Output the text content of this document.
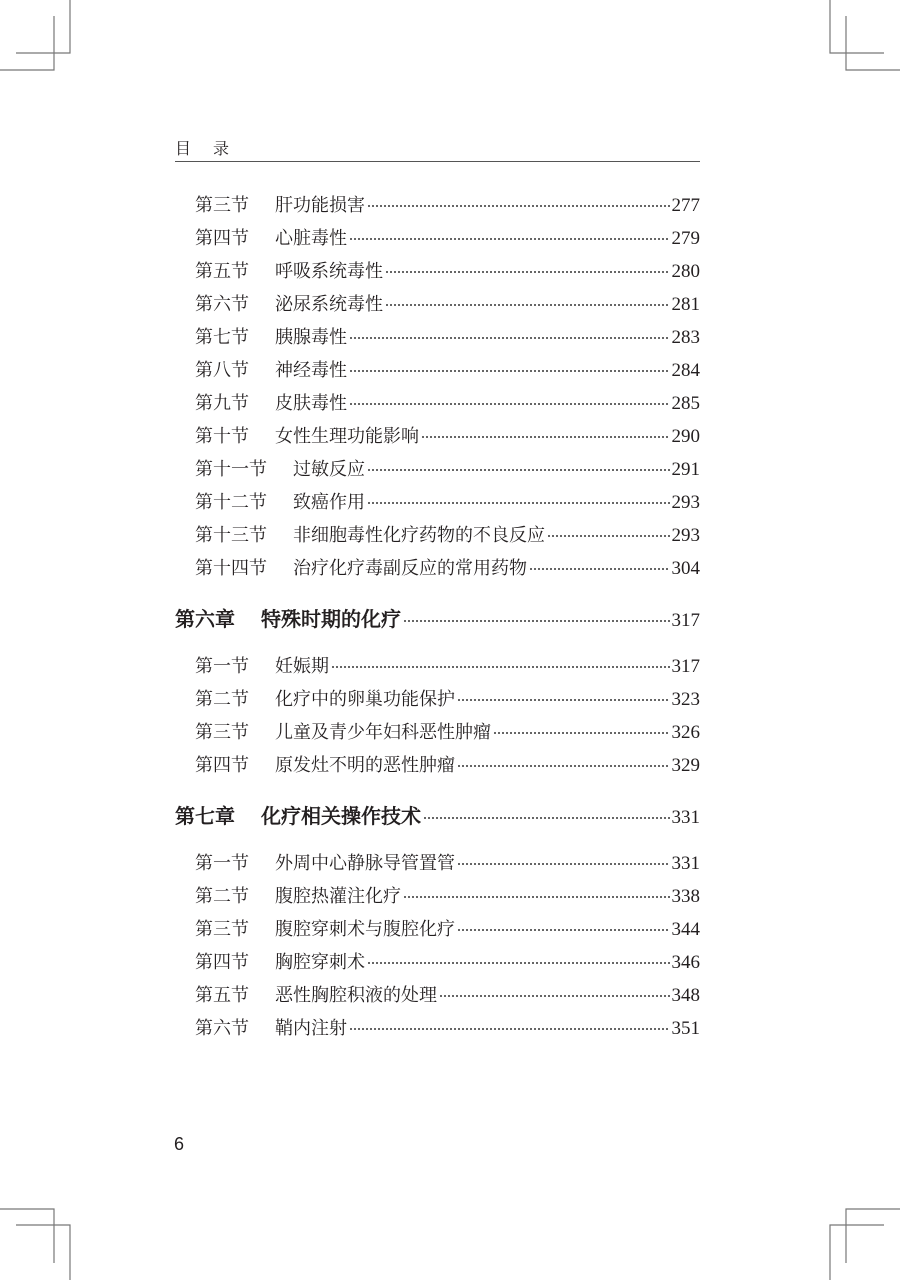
目 录
第三节 肝功能损害	277
第四节 心脏毒性	279
第五节 呼吸系统毒性	280
第六节 泌尿系统毒性	281
第七节 胰腺毒性	283
第八节 神经毒性	284
第九节 皮肤毒性	285
第十节 女性生理功能影响	290
第十一节 过敏反应	291
第十二节 致癌作用	293
第十三节 非细胞毒性化疗药物的不良反应	293
第十四节 治疗化疗毒副反应的常用药物	304
第六章 特殊时期的化疗	317
第一节 妊娠期	317
第二节 化疗中的卵巢功能保护	323
第三节 儿童及青少年妇科恶性肿瘤	326
第四节 原发灶不明的恶性肿瘤	329
第七章 化疗相关操作技术	331
第一节 外周中心静脉导管置管	331
第二节 腹腔热灌注化疗	338
第三节 腹腔穿刺术与腹腔化疗	344
第四节 胸腔穿刺术	346
第五节 恶性胸腔积液的处理	348
第六节 鞘内注射	351
6
